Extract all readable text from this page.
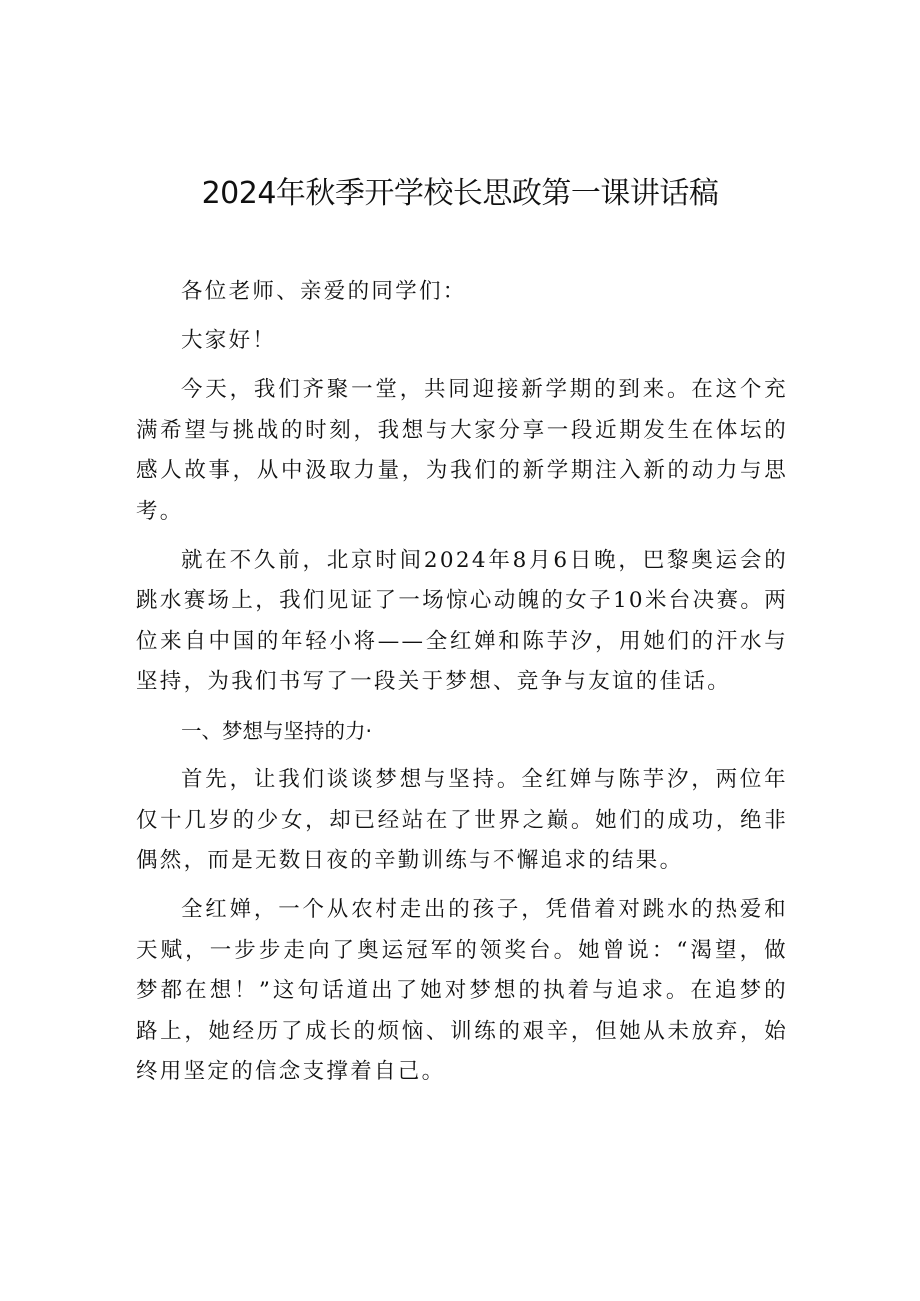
2024年秋季开学校长思政第一课讲话稿

各位老师、亲爱的同学们：

大家好！

今天，我们齐聚一堂，共同迎接新学期的到来。在这个充满希望与挑战的时刻，我想与大家分享一段近期发生在体坛的感人故事，从中汲取力量，为我们的新学期注入新的动力与思考。

就在不久前，北京时间2024年8月6日晚，巴黎奥运会的跳水赛场上，我们见证了一场惊心动魄的女子10米台决赛。两位来自中国的年轻小将——全红婵和陈芋汐，用她们的汗水与坚持，为我们书写了一段关于梦想、竞争与友谊的佳话。

一、梦想与坚持的力·

首先，让我们谈谈梦想与坚持。全红婵与陈芋汐，两位年仅十几岁的少女，却已经站在了世界之巅。她们的成功，绝非偶然，而是无数日夜的辛勤训练与不懈追求的结果。

全红婵，一个从农村走出的孩子，凭借着对跳水的热爱和天赋，一步步走向了奥运冠军的领奖台。她曾说：“渴望，做梦都在想！”这句话道出了她对梦想的执着与追求。在追梦的路上，她经历了成长的烦恼、训练的艰辛，但她从未放弃，始终用坚定的信念支撑着自己。
